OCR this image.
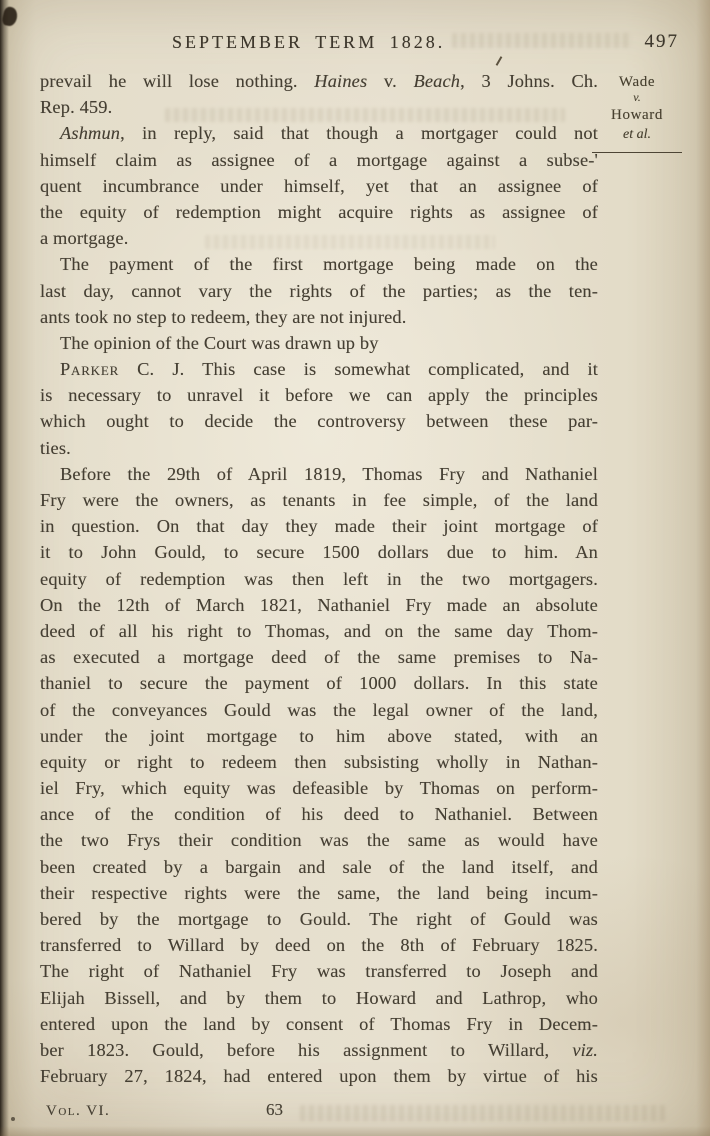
SEPTEMBER TERM 1828.	497
prevail he will lose nothing. Haines v. Beach, 3 Johns. Ch.
Rep. 459.
Ashmun, in reply, said that though a mortgager could not
himself claim as assignee of a mortgage against a subse-'
quent incumbrance under himself, yet that an assignee of
the equity of redemption might acquire rights as assignee of
a mortgage.
The payment of the first mortgage being made on the
last day, cannot vary the rights of the parties; as the ten-
ants took no step to redeem, they are not injured.
The opinion of the Court was drawn up by
Parker C. J. This case is somewhat complicated, and it
is necessary to unravel it before we can apply the principles
which ought to decide the controversy between these par-
ties.
Before the 29th of April 1819, Thomas Fry and Nathaniel
Fry were the owners, as tenants in fee simple, of the land
in question. On that day they made their joint mortgage of
it to John Gould, to secure 1500 dollars due to him. An
equity of redemption was then left in the two mortgagers.
On the 12th of March 1821, Nathaniel Fry made an absolute
deed of all his right to Thomas, and on the same day Thom-
as executed a mortgage deed of the same premises to Na-
thaniel to secure the payment of 1000 dollars. In this state
of the conveyances Gould was the legal owner of the land,
under the joint mortgage to him above stated, with an
equity or right to redeem then subsisting wholly in Nathan-
iel Fry, which equity was defeasible by Thomas on perform-
ance of the condition of his deed to Nathaniel. Between
the two Frys their condition was the same as would have
been created by a bargain and sale of the land itself, and
their respective rights were the same, the land being incum-
bered by the mortgage to Gould. The right of Gould was
transferred to Willard by deed on the 8th of February 1825.
The right of Nathaniel Fry was transferred to Joseph and
Elijah Bissell, and by them to Howard and Lathrop, who
entered upon the land by consent of Thomas Fry in Decem-
ber 1823. Gould, before his assignment to Willard, viz.
February 27, 1824, had entered upon them by virtue of his
Wade
v.
Howard
et al.
Vol. VI.	63
